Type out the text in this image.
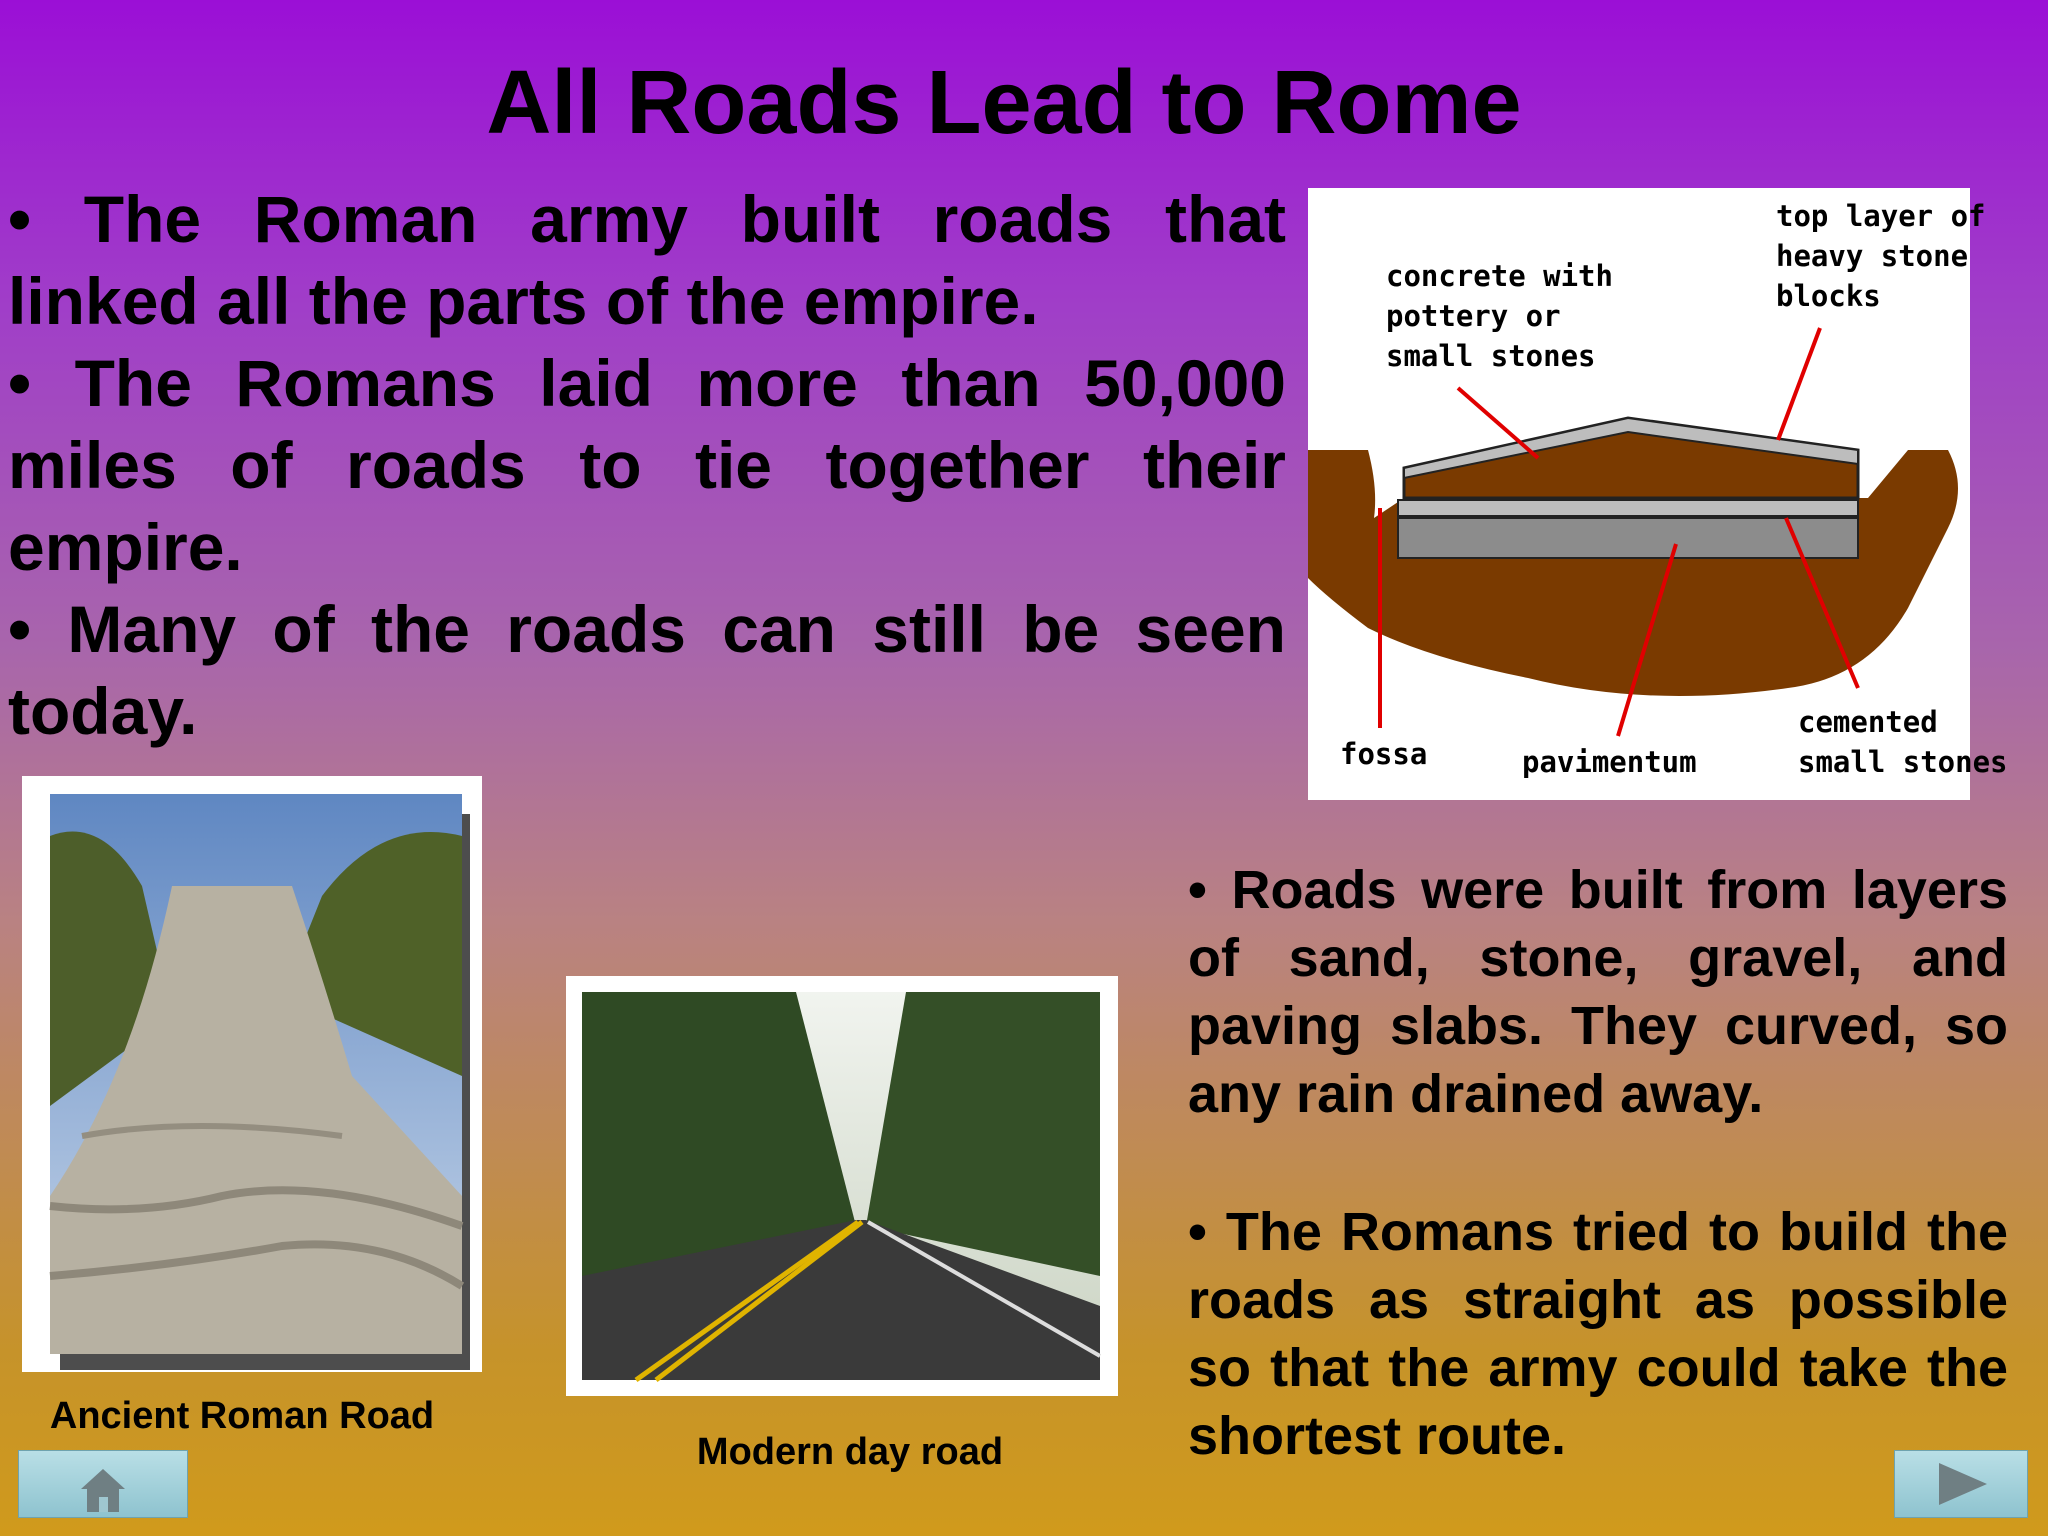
All Roads Lead to Rome

• The Roman army built roads that linked all the parts of the empire.

• The Romans laid more than 50,000 miles of roads to tie together their empire.

• Many of the roads can still be seen today.

concrete with
pottery or
small stones
top layer of
heavy stone
blocks
fossa	pavimentum
cemented
small stones
Ancient Roman Road
Modern day road

• Roads were built from layers of sand, stone, gravel, and paving slabs. They curved, so any rain drained away.

• The Romans tried to build the roads as straight as possible so that the army could take the shortest route.
